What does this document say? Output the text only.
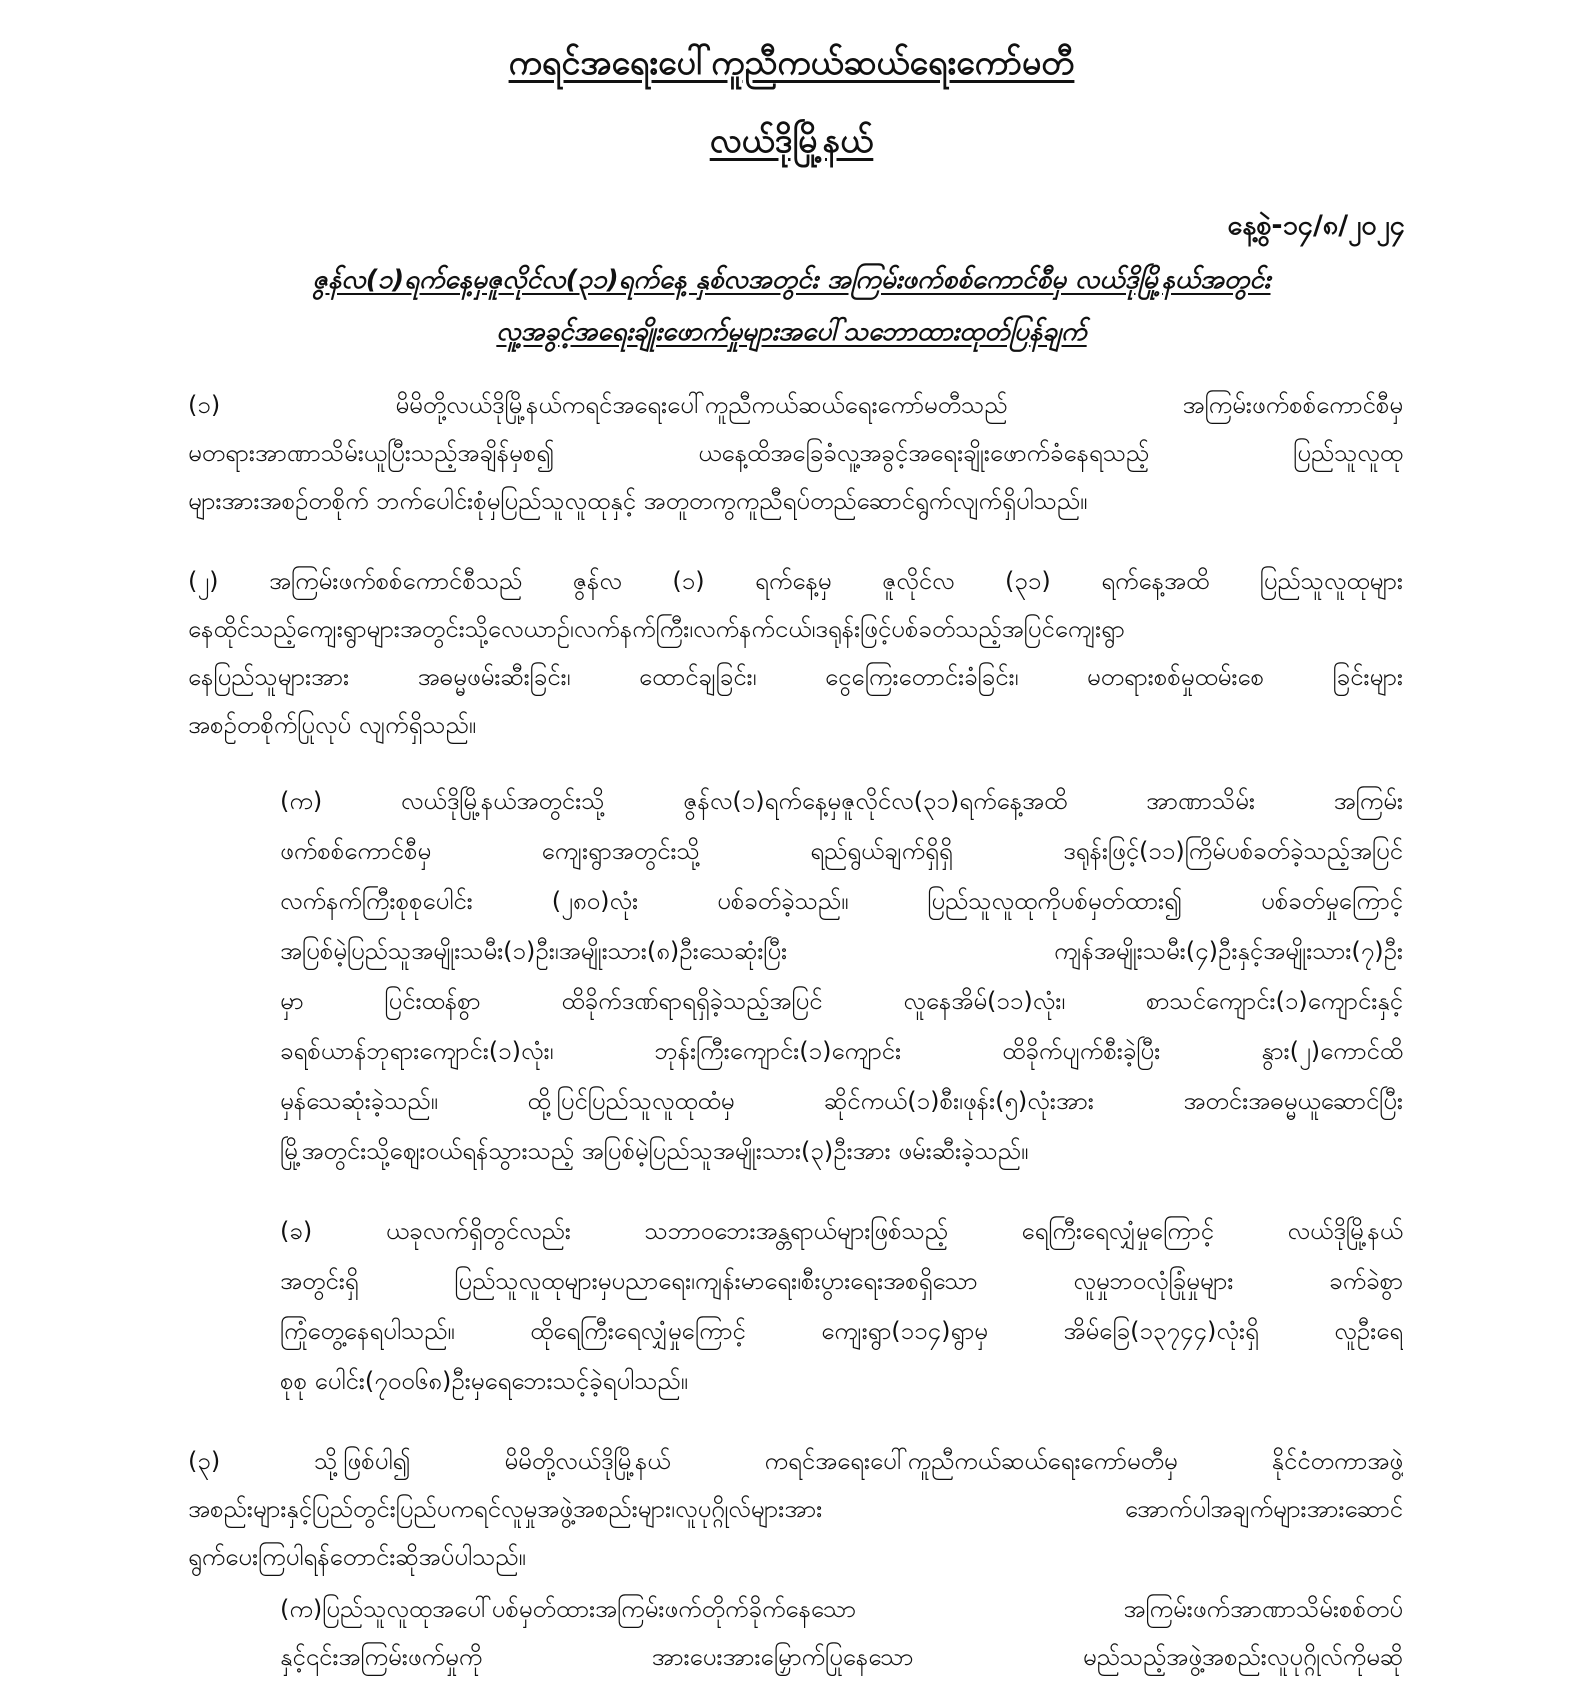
ကရင်အရေးပေါ်ကူညီကယ်ဆယ်ရေးကော်မတီ
လယ်ဒိုမြို့နယ်
နေ့စွဲ-၁၄/၈/၂၀၂၄
ဇွန်လ(၁)ရက်နေ့မှဇူလိုင်လ(၃၁)ရက်နေ့ နှစ်လအတွင်း အကြမ်းဖက်စစ်ကောင်စီမှ လယ်ဒိုမြို့နယ်အတွင်း
လူ့အခွင့်အရေးချိုးဖောက်မှုများအပေါ်သဘောထားထုတ်ပြန်ချက်
(၁) မိမိတို့လယ်ဒိုမြို့နယ်ကရင်အရေးပေါ်ကူညီကယ်ဆယ်ရေးကော်မတီသည် အကြမ်းဖက်စစ်ကောင်စီမှ
မတရားအာဏာသိမ်းယူပြီးသည့်အချိန်မှစ၍ ယနေ့ထိအခြေခံလူ့အခွင့်အရေးချိုးဖောက်ခံနေရသည့် ပြည်သူလူထု
များအားအစဉ်တစိုက် ဘက်ပေါင်းစုံမှပြည်သူလူထုနှင့် အတူတကွကူညီရပ်တည်ဆောင်ရွက်လျက်ရှိပါသည်။
(၂) အကြမ်းဖက်စစ်ကောင်စီသည် ဇွန်လ (၁) ရက်နေ့မှ ဇူလိုင်လ (၃၁) ရက်နေ့အထိ ပြည်သူလူထုများ
နေထိုင်သည့်ကျေးရွာများအတွင်းသို့လေယာဉ်၊လက်နက်ကြီး၊လက်နက်ငယ်၊ဒရုန်းဖြင့်ပစ်ခတ်သည့်အပြင်ကျေးရွာ
နေပြည်သူများအား အဓမ္မဖမ်းဆီးခြင်း၊ ထောင်ချခြင်း၊ ငွေကြေးတောင်းခံခြင်း၊ မတရားစစ်မှုထမ်းစေ ခြင်းများ
အစဉ်တစိုက်ပြုလုပ် လျက်ရှိသည်။
(က) လယ်ဒိုမြို့နယ်အတွင်းသို့ ဇွန်လ(၁)ရက်နေ့မှဇူလိုင်လ(၃၁)ရက်နေ့အထိ အာဏာသိမ်း အကြမ်း
ဖက်စစ်ကောင်စီမှ ကျေးရွာအတွင်းသို့ ရည်ရွယ်ချက်ရှိရှိ ဒရုန်းဖြင့်(၁၁)ကြိမ်ပစ်ခတ်ခဲ့သည့်အပြင်
လက်နက်ကြီးစုစုပေါင်း (၂၈၀)လုံး ပစ်ခတ်ခဲ့သည်။ ပြည်သူလူထုကိုပစ်မှတ်ထား၍ ပစ်ခတ်မှုကြောင့်
အပြစ်မဲ့ပြည်သူအမျိုးသမီး(၁)ဦး၊အမျိုးသား(၈)ဦးသေဆုံးပြီး ကျန်အမျိုးသမီး(၄)ဦးနှင့်အမျိုးသား(၇)ဦး
မှာ ပြင်းထန်စွာ ထိခိုက်ဒဏ်ရာရရှိခဲ့သည့်အပြင် လူနေအိမ်(၁၁)လုံး၊ စာသင်ကျောင်း(၁)ကျောင်းနှင့်
ခရစ်ယာန်ဘုရားကျောင်း(၁)လုံး၊ ဘုန်းကြီးကျောင်း(၁)ကျောင်း ထိခိုက်ပျက်စီးခဲ့ပြီး နွား(၂)ကောင်ထိ
မှန်သေဆုံးခဲ့သည်။ ထို့ပြင်ပြည်သူလူထုထံမှ ဆိုင်ကယ်(၁)စီး၊ဖုန်း(၅)လုံးအား အတင်းအဓမ္မယူဆောင်ပြီး
မြို့အတွင်းသို့ဈေးဝယ်ရန်သွားသည့် အပြစ်မဲ့ပြည်သူအမျိုးသား(၃)ဦးအား ဖမ်းဆီးခဲ့သည်။
(ခ) ယခုလက်ရှိတွင်လည်း သဘာဝဘေးအန္တရာယ်များဖြစ်သည့် ရေကြီးရေလျှံမှုကြောင့် လယ်ဒိုမြို့နယ်
အတွင်းရှိ ပြည်သူလူထုများမှပညာရေး၊ကျန်းမာရေး၊စီးပွားရေးအစရှိသော လူမှုဘဝလုံခြုံမှုများ ခက်ခဲစွာ
ကြုံတွေ့နေရပါသည်။ ထိုရေကြီးရေလျှံမှုကြောင့် ကျေးရွာ(၁၁၄)ရွာမှ အိမ်ခြေ(၁၃၇၄၄)လုံးရှိ လူဦးရေ
စုစု ပေါင်း(၇၀၀၆၈)ဦးမှရေဘေးသင့်ခဲ့ရပါသည်။
(၃) သို့ဖြစ်ပါ၍ မိမိတို့လယ်ဒိုမြို့နယ် ကရင်အရေးပေါ်ကူညီကယ်ဆယ်ရေးကော်မတီမှ နိုင်ငံတကာအဖွဲ့
အစည်းများနှင့်ပြည်တွင်းပြည်ပကရင်လူမှုအဖွဲ့အစည်းများ၊လူပုဂ္ဂိုလ်များအား အောက်ပါအချက်များအားဆောင်
ရွက်ပေးကြပါရန်တောင်းဆိုအပ်ပါသည်။
(က)ပြည်သူလူထုအပေါ်ပစ်မှတ်ထားအကြမ်းဖက်တိုက်ခိုက်နေသော အကြမ်းဖက်အာဏာသိမ်းစစ်တပ်
နှင့်၎င်းအကြမ်းဖက်မှုကို အားပေးအားမြှောက်ပြုနေသော မည်သည့်အဖွဲ့အစည်းလူပုဂ္ဂိုလ်ကိုမဆို
